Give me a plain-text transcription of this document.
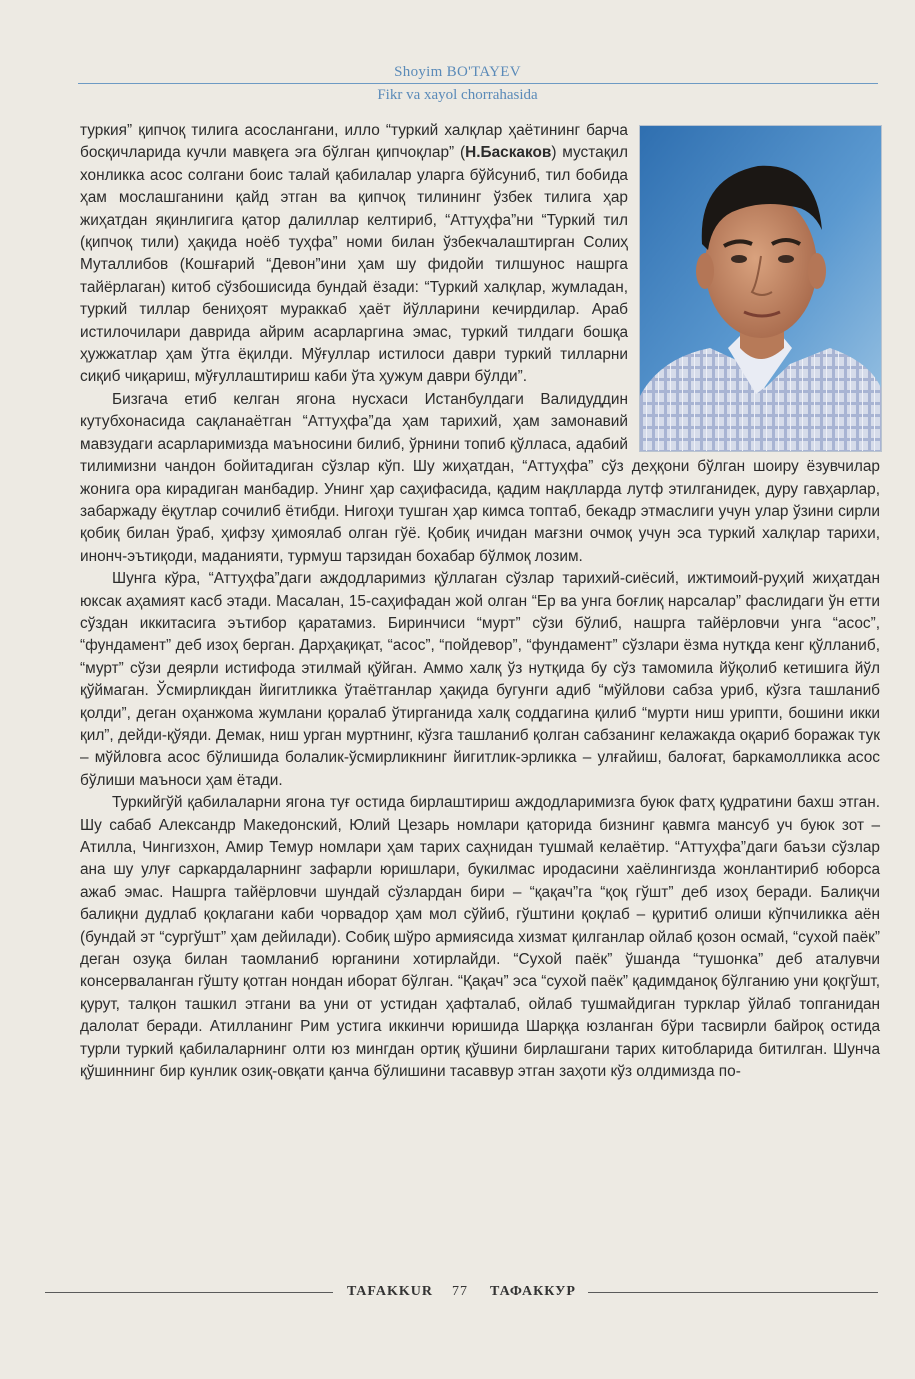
Shoyim BO'TAYEV
Fikr va xayol chorrahasida

туркия” қипчоқ тилига асослангани, илло “туркий халқлар ҳаётининг барча босқичларида кучли мавқега эга бўлган қипчоқлар” (Н.Баскаков) мустақил хонликка асос солгани боис талай қабилалар уларга бўйсуниб, тил бобида ҳам мослашганини қайд этган ва қипчоқ тилининг ўзбек тилига ҳар жиҳатдан яқинлигига қатор далиллар келтириб, “Аттуҳфа”ни “Туркий тил (қипчоқ тили) ҳақида ноёб туҳфа” номи билан ўзбекчалаштирган Солиҳ Муталлибов (Кошғарий “Девон”ини ҳам шу фидойи тилшунос нашрга тайёрлаган) китоб сўзбошисида бундай ёзади: “Туркий халқлар, жумладан, туркий тиллар бениҳоят мураккаб ҳаёт йўлларини кечирдилар. Араб истилочилари даврида айрим асарларгина эмас, туркий тилдаги бошқа ҳужжатлар ҳам ўтга ёқилди. Мўғуллар истилоси даври туркий тилларни сиқиб чиқариш, мўғуллаштириш каби ўта ҳужум даври бўлди”.

Бизгача етиб келган ягона нусхаси Истанбулдаги Валидуддин кутубхонасида сақланаётган “Аттуҳфа”да ҳам тарихий, ҳам замонавий мавзудаги асарларимизда маъносини билиб, ўрнини топиб қўлласа, адабий тилимизни чандон бойитадиган сўзлар кўп. Шу жиҳатдан, “Аттуҳфа” сўз деҳқони бўлган шоиру ёзувчилар жонига ора кирадиган манбадир. Унинг ҳар саҳифасида, қадим нақлларда лутф этилганидек, дуру гавҳарлар, забаржаду ёқутлар сочилиб ётибди. Нигоҳи тушган ҳар кимса топтаб, бекадр этмаслиги учун улар ўзини сирли қобиқ билан ўраб, ҳифзу ҳимоялаб олган гўё. Қобиқ ичидан мағзни очмоқ учун эса туркий халқлар тарихи, инонч-эътиқоди, маданияти, турмуш тарзидан бохабар бўлмоқ лозим.

Шунга кўра, “Аттуҳфа”даги аждодларимиз қўллаган сўзлар тарихий-сиёсий, ижтимоий-руҳий жиҳатдан юксак аҳамият касб этади. Масалан, 15-саҳифадан жой олган “Ер ва унга боғлиқ нарсалар” фаслидаги ўн етти сўздан иккитасига эътибор қаратамиз. Биринчиси “мурт” сўзи бўлиб, нашрга тайёрловчи унга “асос”, “фундамент” деб изоҳ берган. Дарҳақиқат, “асос”, “пойдевор”, “фундамент” сўзлари ёзма нутқда кенг қўлланиб, “мурт” сўзи деярли истифода этилмай қўйган. Аммо халқ ўз нутқида бу сўз тамомила йўқолиб кетишига йўл қўймаган. Ўсмирликдан йигитликка ўтаётганлар ҳақида бугунги адиб “мўйлови сабза уриб, кўзга ташланиб қолди”, деган оҳанжома жумлани қоралаб ўтирганида халқ соддагина қилиб “мурти ниш урипти, бошини икки қил”, дейди-қўяди. Демак, ниш урган муртнинг, кўзга ташланиб қолган сабзанинг келажакда оқариб боражак тук – мўйловга асос бўлишида болалик-ўсмирликнинг йигитлик-эрликка – улғайиш, балоғат, баркамолликка асос бўлиши маъноси ҳам ётади.

Туркийгўй қабилаларни ягона туғ остида бирлаштириш аждодларимизга буюк фатҳ қудратини бахш этган. Шу сабаб Александр Македонский, Юлий Цезарь номлари қаторида бизнинг қавмга мансуб уч буюк зот – Атилла, Чингизхон, Амир Темур номлари ҳам тарих саҳнидан тушмай келаётир. “Аттуҳфа”даги баъзи сўзлар ана шу улуғ саркардаларнинг зафарли юришлари, букилмас иродасини хаёлингизда жонлантириб юборса ажаб эмас. Нашрга тайёрловчи шундай сўзлардан бири – “қақач”га “қоқ гўшт” деб изоҳ беради. Балиқчи балиқни дудлаб қоқлагани каби чорвадор ҳам мол сўйиб, гўштини қоқлаб – қуритиб олиши кўпчиликка аён (бундай эт “сургўшт” ҳам дейилади). Собиқ шўро армиясида хизмат қилганлар ойлаб қозон осмай, “сухой паёк” деган озуқа билан таомланиб юрганини хотирлайди. “Сухой паёк” ўшанда “тушонка” деб аталувчи консерваланган гўшту қотган нондан иборат бўлган. “Қақач” эса “сухой паёк” қадимданоқ бўлганию уни қоқгўшт, қурут, талқон ташкил этгани ва уни от устидан ҳафталаб, ойлаб тушмайдиган турклар ўйлаб топганидан далолат беради. Атилланинг Рим устига иккинчи юришида Шарққа юзланган бўри тасвирли байроқ остида турли туркий қабилаларнинг олти юз мингдан ортиқ қўшини бирлашгани тарих китобларида битилган. Шунча қўшиннинг бир кунлик озиқ-овқати қанча бўлишини тасаввур этган заҳоти кўз олдимизда по-

TAFAKKUR 77 ТАФАККУР
